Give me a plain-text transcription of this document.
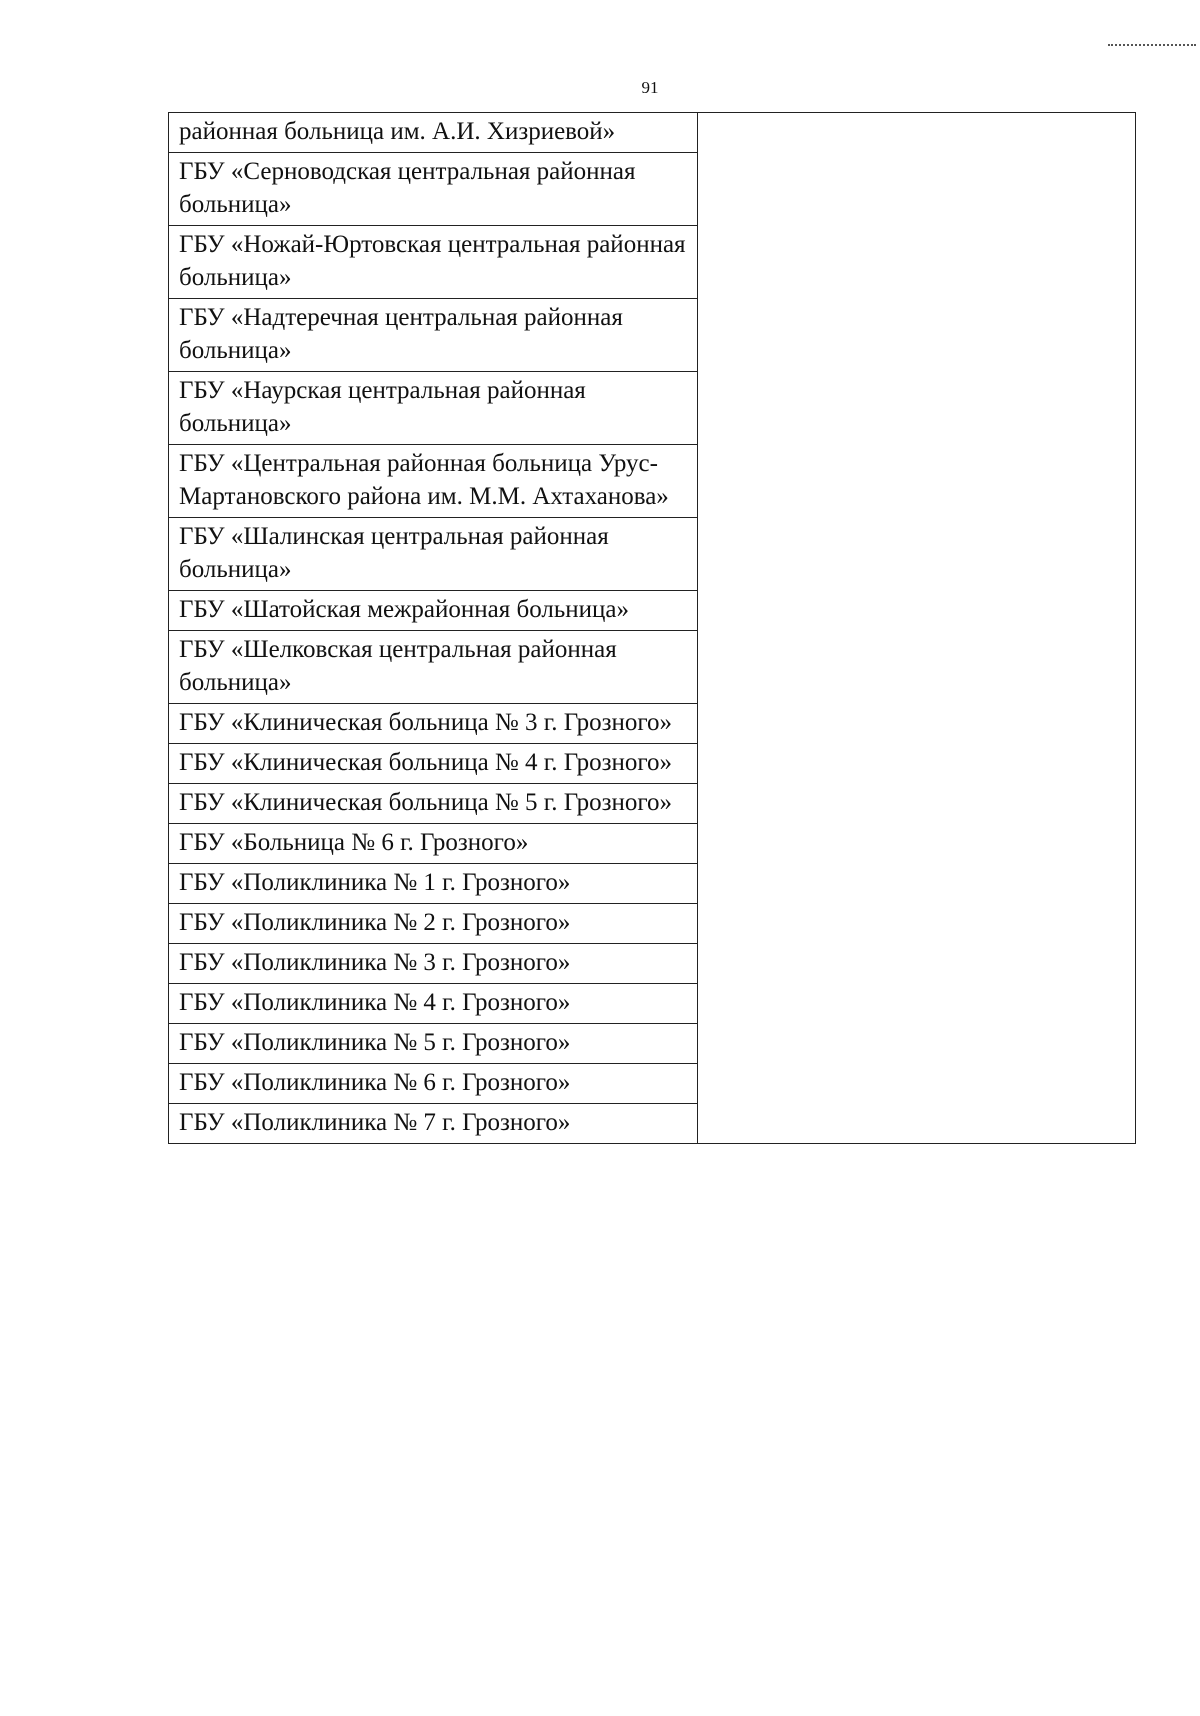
91
районная больница им. А.И. Хизриевой»	
ГБУ «Серноводская центральная районная больница»	
ГБУ «Ножай-Юртовская центральная районная больница»	
ГБУ «Надтеречная центральная районная больница»	
ГБУ «Наурская центральная районная больница»	
ГБУ «Центральная районная больница Урус-Мартановского района им. М.М. Ахтаханова»	
ГБУ «Шалинская центральная районная больница»	
ГБУ «Шатойская межрайонная больница»	
ГБУ «Шелковская центральная районная больница»	
ГБУ «Клиническая больница № 3 г. Грозного»	
ГБУ «Клиническая больница № 4 г. Грозного»	
ГБУ «Клиническая больница № 5 г. Грозного»	
ГБУ «Больница № 6 г. Грозного»	
ГБУ «Поликлиника № 1 г. Грозного»	
ГБУ «Поликлиника № 2 г. Грозного»	
ГБУ «Поликлиника № 3 г. Грозного»	
ГБУ «Поликлиника № 4 г. Грозного»	
ГБУ «Поликлиника № 5 г. Грозного»	
ГБУ «Поликлиника № 6 г. Грозного»	
ГБУ «Поликлиника № 7 г. Грозного»	
